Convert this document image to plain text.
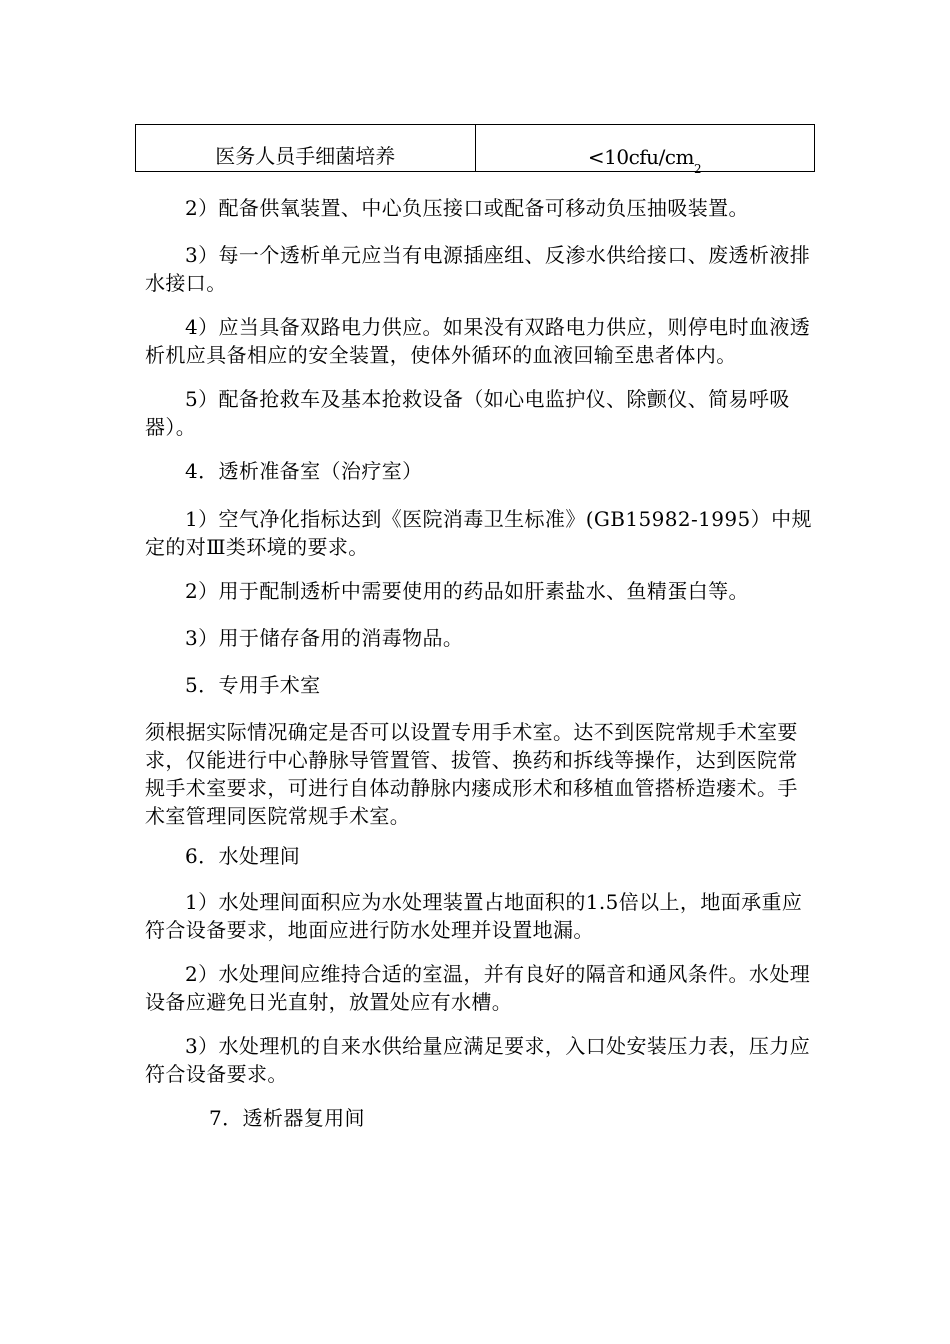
医务人员手细菌培养	<10cfu/cm 2
2）配备供氧装置、中心负压接口或配备可移动负压抽吸装置。
3）每一个透析单元应当有电源插座组、反渗水供给接口、废透析液排水接口。
4）应当具备双路电力供应。如果没有双路电力供应，则停电时血液透析机应具备相应的安全装置，使体外循环的血液回输至患者体内。
5）配备抢救车及基本抢救设备（如心电监护仪、除颤仪、简易呼吸器）。
4．透析准备室（治疗室）
1）空气净化指标达到《医院消毒卫生标准》(GB15982-1995）中规定的对Ⅲ类环境的要求。
2）用于配制透析中需要使用的药品如肝素盐水、鱼精蛋白等。
3）用于储存备用的消毒物品。
5．专用手术室
须根据实际情况确定是否可以设置专用手术室。达不到医院常规手术室要求，仅能进行中心静脉导管置管、拔管、换药和拆线等操作，达到医院常规手术室要求，可进行自体动静脉内瘘成形术和移植血管搭桥造瘘术。手术室管理同医院常规手术室。
6．水处理间
1）水处理间面积应为水处理装置占地面积的1.5倍以上，地面承重应符合设备要求，地面应进行防水处理并设置地漏。
2）水处理间应维持合适的室温，并有良好的隔音和通风条件。水处理设备应避免日光直射，放置处应有水槽。
3）水处理机的自来水供给量应满足要求，入口处安装压力表，压力应符合设备要求。
7．透析器复用间
